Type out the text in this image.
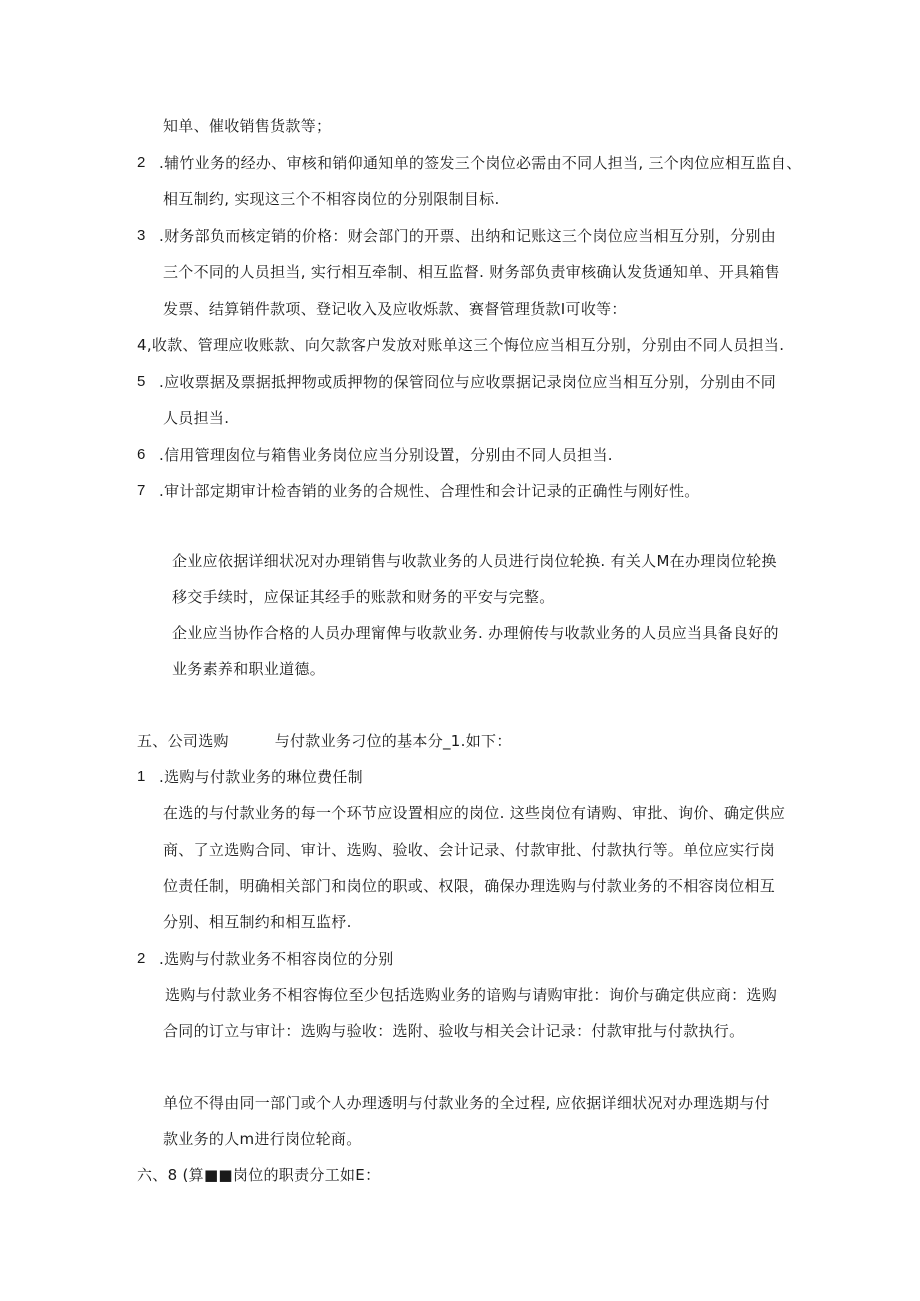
知单、催收销售货款等；
2 .辅竹业务的经办、审核和销仰通知单的签发三个岗位必需由不同人担当, 三个肉位应相互监自、
相互制约, 实现这三个不相容岗位的分别限制目标.
3 .财务部负而核定销的价格：财会部门的开票、出纳和记账这三个岗位应当相互分别，分别由
三个不同的人员担当, 实行相互牵制、相互监督. 财务部负责审核确认发货通知单、开具箱售
发票、结算销件款项、登记收入及应收烁款、赛督管理货款I可收等：
4,收款、管理应收账款、向欠款客户发放对账单这三个悔位应当相互分别，分别由不同人员担当.
5 .应收票据及票据抵押物或质押物的保管冏位与应收票据记录岗位应当相互分别，分别由不同
人员担当.
6 .信用管理囱位与箱售业务岗位应当分别设置，分别由不同人员担当.
7 .审计部定期审计检杳销的业务的合规性、合理性和会计记录的正确性与刚好性。
企业应依据详细状况对办理销售与收款业务的人员进行岗位轮换. 有关人M在办理岗位轮换
移交手续时，应保证其经手的账款和财务的平安与完整。
企业应当协作合格的人员办理甯俾与收款业务. 办理俯传与收款业务的人员应当具备良好的
业务素养和职业道德。
五、公司选购　　　与付款业务刁位的基本分_1.如下：
1 .选购与付款业务的琳位费任制
在选的与付款业务的每一个环节应设置相应的岗位. 这些岗位有请购、审批、询价、确定供应
商、了立选购合同、审计、选购、验收、会计记录、付款审批、付款执行等。单位应实行岗
位责任制，明确相关部门和岗位的职或、权限，确保办理选购与付款业务的不相容岗位相互
分别、相互制约和相互监杼.
2 .选购与付款业务不相容岗位的分别
选购与付款业务不相容悔位至少包括选购业务的谙购与请购审批：询价与确定供应商：选购
合同的订立与审计：选购与验收：选附、验收与相关会计记录：付款审批与付款执行。
单位不得由同一部门或个人办理透明与付款业务的全过程, 应依据详细状况对办理选期与付
款业务的人m进行岗位轮商。
六、8 (算■■岗位的职责分工如E：
